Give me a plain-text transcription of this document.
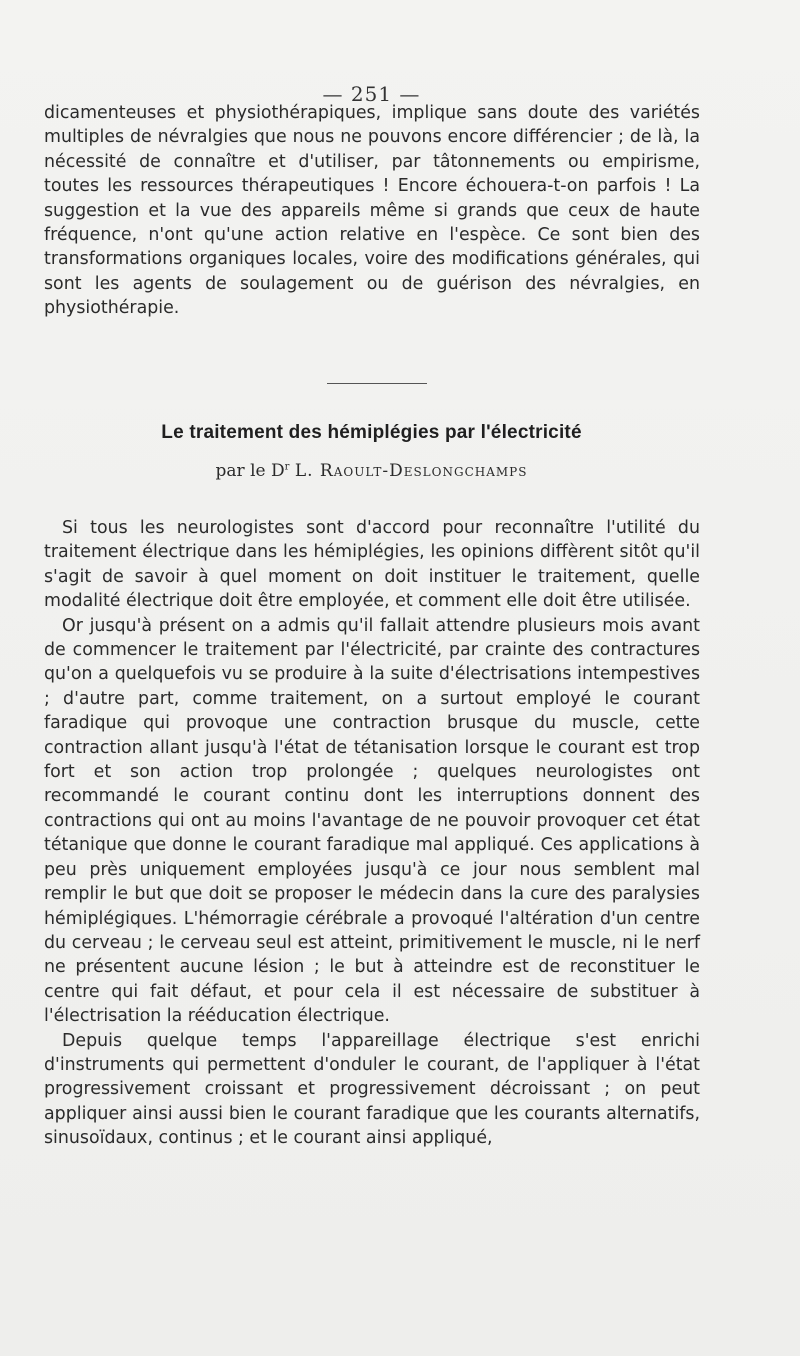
— 251 —

dicamenteuses et physiothérapiques, implique sans doute des variétés multiples de névralgies que nous ne pouvons encore différencier ; de là, la nécessité de connaître et d'utiliser, par tâtonnements ou empirisme, toutes les ressources thérapeutiques ! Encore échouera-t-on parfois ! La suggestion et la vue des appareils même si grands que ceux de haute fréquence, n'ont qu'une action relative en l'espèce. Ce sont bien des transformations organiques locales, voire des modifications générales, qui sont les agents de soulagement ou de guérison des névralgies, en physiothérapie.

Le traitement des hémiplégies par l'électricité
par le $D^r$ L. Raoult-Deslongchamps

Si tous les neurologistes sont d'accord pour reconnaître l'utilité du traitement électrique dans les hémiplégies, les opinions diffèrent sitôt qu'il s'agit de savoir à quel moment on doit instituer le traitement, quelle modalité électrique doit être employée, et comment elle doit être utilisée.

Or jusqu'à présent on a admis qu'il fallait attendre plusieurs mois avant de commencer le traitement par l'électricité, par crainte des contractures qu'on a quelquefois vu se produire à la suite d'électrisations intempestives ; d'autre part, comme traitement, on a surtout employé le courant faradique qui provoque une contraction brusque du muscle, cette contraction allant jusqu'à l'état de tétanisation lorsque le courant est trop fort et son action trop prolongée ; quelques neurologistes ont recommandé le courant continu dont les interruptions donnent des contractions qui ont au moins l'avantage de ne pouvoir provoquer cet état tétanique que donne le courant faradique mal appliqué. Ces applications à peu près uniquement employées jusqu'à ce jour nous semblent mal remplir le but que doit se proposer le médecin dans la cure des paralysies hémiplégiques. L'hémorragie cérébrale a provoqué l'altération d'un centre du cerveau ; le cerveau seul est atteint, primitivement le muscle, ni le nerf ne présentent aucune lésion ; le but à atteindre est de reconstituer le centre qui fait défaut, et pour cela il est nécessaire de substituer à l'électrisation la rééducation électrique.

Depuis quelque temps l'appareillage électrique s'est enrichi d'instruments qui permettent d'onduler le courant, de l'appliquer à l'état progressivement croissant et progressivement décroissant ; on peut appliquer ainsi aussi bien le courant faradique que les courants alternatifs, sinusoïdaux, continus ; et le courant ainsi appliqué,
